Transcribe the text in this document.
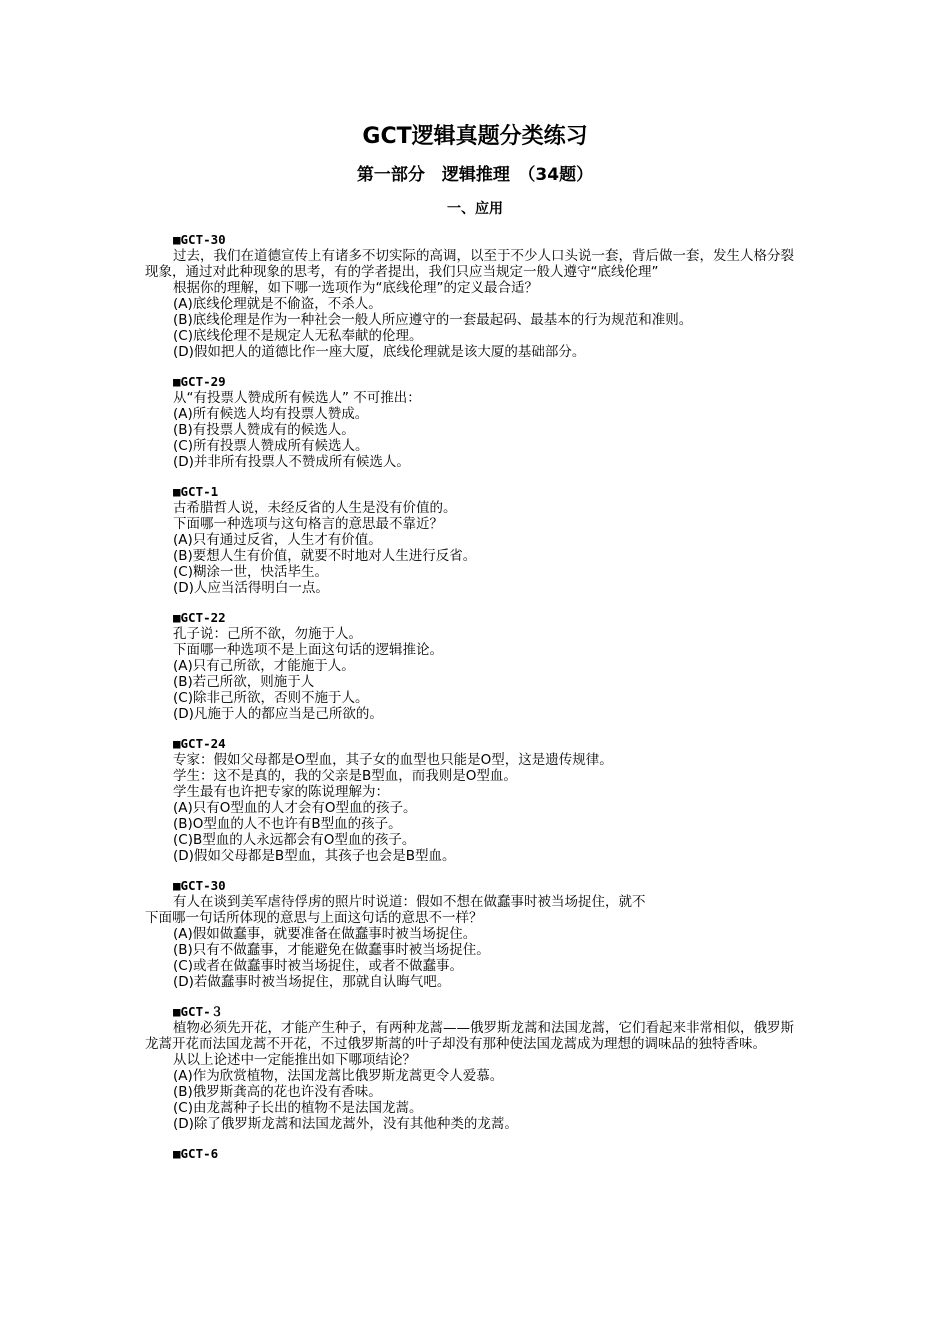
GCT逻辑真题分类练习
第一部分　逻辑推理　（34题）
一、应用
■GCT-30
过去，我们在道德宣传上有诸多不切实际的高调，以至于不少人口头说一套，背后做一套，发生人格分裂现象，通过对此种现象的思考，有的学者提出，我们只应当规定一般人遵守“底线伦理”
根据你的理解，如下哪一选项作为“底线伦理”的定义最合适？
(A)底线伦理就是不偷盗，不杀人。
(B)底线伦理是作为一种社会一般人所应遵守的一套最起码、最基本的行为规范和准则。
(C)底线伦理不是规定人无私奉献的伦理。
(D)假如把人的道德比作一座大厦，底线伦理就是该大厦的基础部分。
■GCT-29
从“有投票人赞成所有候选人” 不可推出：
(A)所有候选人均有投票人赞成。
(B)有投票人赞成有的候选人。
(C)所有投票人赞成所有候选人。
(D)并非所有投票人不赞成所有候选人。
■GCT-1
古希腊哲人说，未经反省的人生是没有价值的。
下面哪一种选项与这句格言的意思最不靠近？
(A)只有通过反省，人生才有价值。
(B)要想人生有价值，就要不时地对人生进行反省。
(C)糊涂一世，快活毕生。
(D)人应当活得明白一点。
■GCT-22
孔子说：己所不欲，勿施于人。
下面哪一种选项不是上面这句话的逻辑推论。
(A)只有己所欲，才能施于人。
(B)若己所欲，则施于人
(C)除非己所欲，否则不施于人。
(D)凡施于人的都应当是己所欲的。
■GCT-24
专家：假如父母都是O型血，其子女的血型也只能是O型，这是遗传规律。
学生：这不是真的，我的父亲是B型血，而我则是O型血。
学生最有也许把专家的陈说理解为：
(A)只有O型血的人才会有O型血的孩子。
(B)O型血的人不也许有B型血的孩子。
(C)B型血的人永远都会有O型血的孩子。
(D)假如父母都是B型血，其孩子也会是B型血。
■GCT-30
有人在谈到美军虐待俘虏的照片时说道：假如不想在做蠢事时被当场捉住，就不
下面哪一句话所体现的意思与上面这句话的意思不一样？
(A)假如做蠢事，就要准备在做蠢事时被当场捉住。
(B)只有不做蠢事，才能避免在做蠢事时被当场捉住。
(C)或者在做蠢事时被当场捉住，或者不做蠢事。
(D)若做蠢事时被当场捉住，那就自认晦气吧。
■GCT-３
植物必须先开花，才能产生种子，有两种龙蒿——俄罗斯龙蒿和法国龙蒿，它们看起来非常相似，俄罗斯龙蒿开花而法国龙蒿不开花，不过俄罗斯蒿的叶子却没有那种使法国龙蒿成为理想的调味品的独特香味。
从以上论述中一定能推出如下哪项结论？
(A)作为欣赏植物，法国龙蒿比俄罗斯龙蒿更令人爱慕。
(B)俄罗斯龚高的花也许没有香味。
(C)由龙蒿种子长出的植物不是法国龙蒿。
(D)除了俄罗斯龙蒿和法国龙蒿外，没有其他种类的龙蒿。
■GCT-6
